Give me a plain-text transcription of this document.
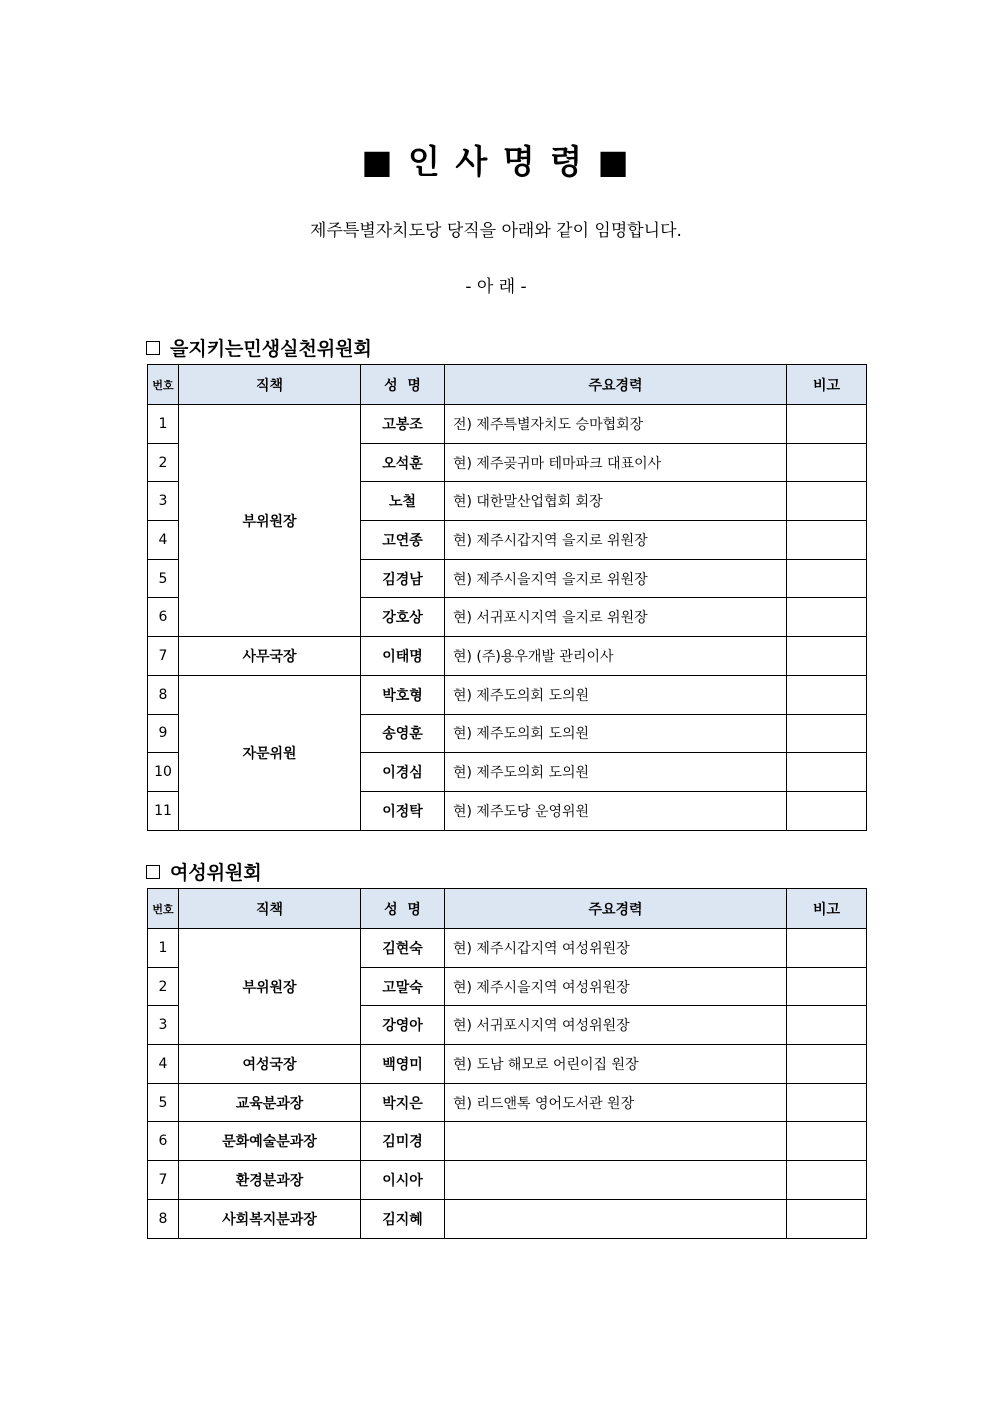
■ 인 사 명 령 ■
제주특별자치도당 당직을 아래와 같이 임명합니다.
- 아 래 -
을지키는민생실천위원회
번호	직책	성  명	주요경력	비고
1	부위원장	고봉조	전) 제주특별자치도 승마협회장	
2		오석훈	현) 제주곶귀마 테마파크 대표이사	
3		노철	현) 대한말산업협회 회장	
4		고연종	현) 제주시갑지역 을지로 위원장	
5		김경남	현) 제주시을지역 을지로 위원장	
6		강호상	현) 서귀포시지역 을지로 위원장	
7	사무국장	이태명	현) (주)용우개발 관리이사	
8	자문위원	박호형	현) 제주도의회 도의원	
9		송영훈	현) 제주도의회 도의원	
10		이경심	현) 제주도의회 도의원	
11		이정탁	현) 제주도당 운영위원	
여성위원회
번호	직책	성  명	주요경력	비고
1	부위원장	김현숙	현) 제주시갑지역 여성위원장	
2		고말숙	현) 제주시을지역 여성위원장	
3		강영아	현) 서귀포시지역 여성위원장	
4	여성국장	백영미	현) 도남 해모로 어린이집 원장	
5	교육분과장	박지은	현) 리드앤톡 영어도서관 원장	
6	문화예술분과장	김미경		
7	환경분과장	이시아		
8	사회복지분과장	김지혜		
